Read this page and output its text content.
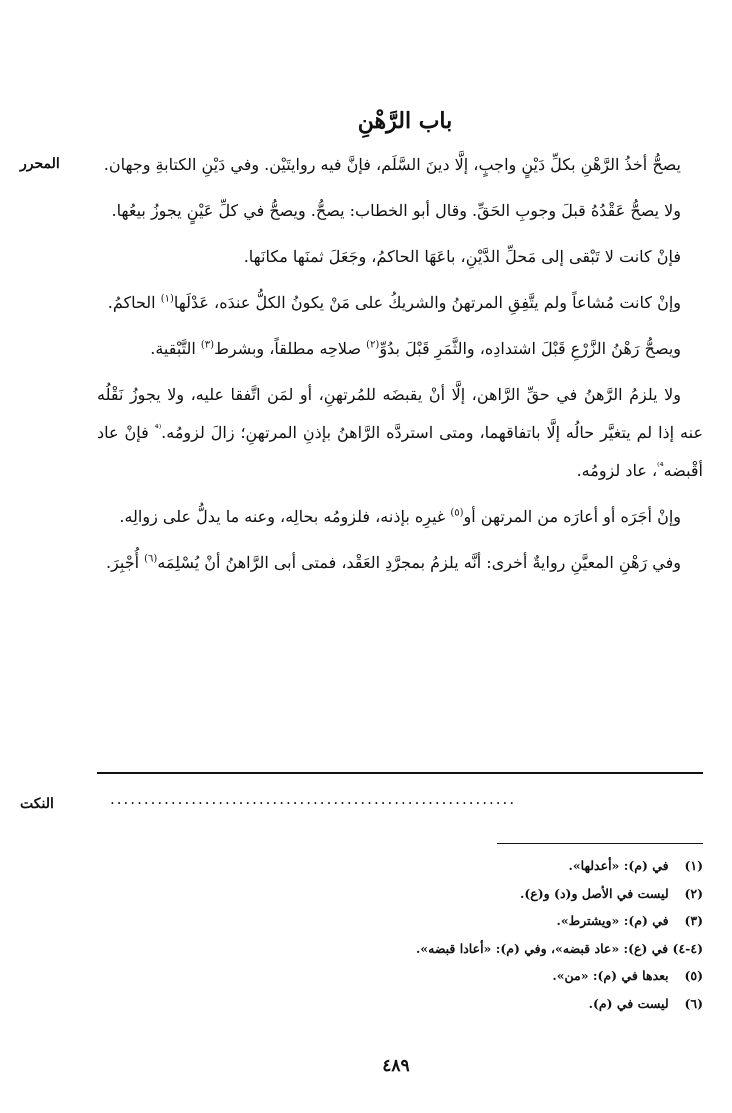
باب الرَّهْنِ
المحرر
النكت

يصحُّ أخذُ الرَّهْنِ بكلِّ دَيْنٍ واجبٍ، إلَّا دينَ السَّلَم، فإنَّ فيه روايتَيْن. وفي دَيْنِ الكتابةِ وجهان.

ولا يصحُّ عَقْدُهُ قبلَ وجوبِ الحَقِّ. وقال أبو الخطاب: يصحُّ. ويصحُّ في كلِّ عَيْنٍ يجوزُ بيعُها.

فإنْ كانت لا تَبْقى إلى مَحلِّ الدَّيْنِ، باعَهَا الحاكمُ، وجَعَلَ ثمنَها مكانَها.

وإنْ كانت مُشاعاً ولم يتَّفِقِ المرتهنُ والشريكُ على مَنْ يكونُ الكلُّ عندَه، عَدْلَها$^{(١)}$ الحاكمُ.

ويصحُّ رَهْنُ الزَّرْعِ قَبْلَ اشتدادِه، والثَّمَرِ قَبْلَ بدُوِّ$^{(٢)}$ صلاحِه مطلقاً، وبشرط$^{(٣)}$ التَّبْقية.

ولا يلزمُ الرَّهنُ في حقِّ الرَّاهن، إلَّا أنْ يقبضَه للمُرتهنِ، أو لمَن اتَّفقا عليه، ولا يجوزُ نَقْلُه عنه إذا لم يتغيَّر حالُه إلَّا باتفاقهما، ومتى استردَّه الرَّاهنُ بإذنِ المرتهنِ؛ زالَ لزومُه.$^{^{(4}}$ فإنْ عاد أقْبضه$^{^{4)}}$، عاد لزومُه.

وإنْ أجَرَه أو أعارَه من المرتهن أو$^{(٥)}$ غيرِه بإذنه، فلزومُه بحالِه، وعنه ما يدلُّ على زوالِه.

وفي رَهْنِ المعيَّنِ روايةٌ أخرى: أنَّه يلزمُ بمجرَّدِ العَقْد، فمتى أبى الرَّاهنُ أنْ يُسْلِمَه$^{(٦)}$ أُجْبِرَ.

............................................................
(١) في (م): «أعدلها».
(٢) ليست في الأصل و(د) و(ع).
(٣) في (م): «ويشترط».
(٤-٤) في (ع): «عاد قبضه»، وفي (م): «أعادا قبضه».
(٥) بعدها في (م): «من».
(٦) ليست في (م).
٤٨٩
